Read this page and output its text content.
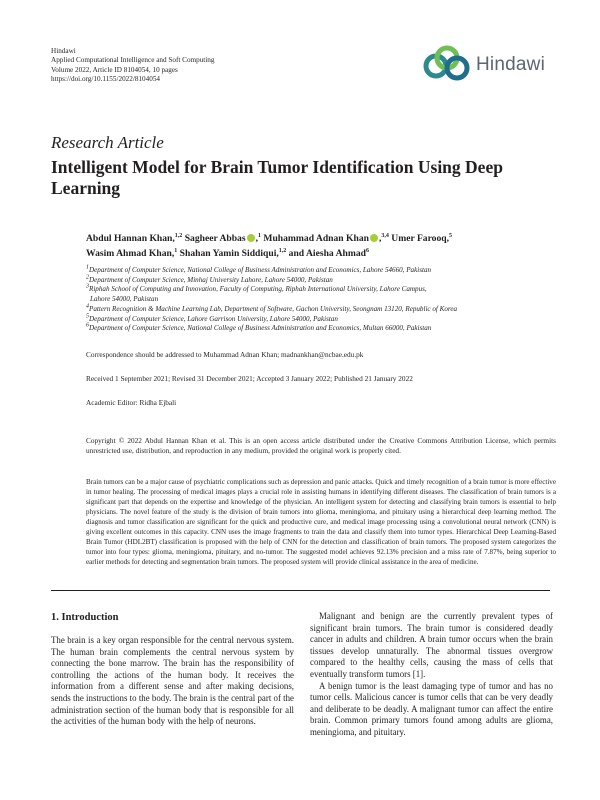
Hindawi
Applied Computational Intelligence and Soft Computing
Volume 2022, Article ID 8104054, 10 pages
https://doi.org/10.1155/2022/8104054
Hindawi
Research Article
Intelligent Model for Brain Tumor Identification Using Deep Learning
Abdul Hannan Khan,$^{1,2}$ Sagheer Abbas ,$^1$ Muhammad Adnan Khan ,$^{3,4}$ Umer Farooq,$^5$
Wasim Ahmad Khan,$^1$ Shahan Yamin Siddiqui,$^{1,2}$ and Aiesha Ahmad$^6$
$^1$Department of Computer Science, National College of Business Administration and Economics, Lahore 54660, Pakistan
$^2$Department of Computer Science, Minhaj University Lahore, Lahore 54000, Pakistan
$^3$Riphah School of Computing and Innovation, Faculty of Computing, Riphah International University, Lahore Campus,
Lahore 54000, Pakistan
$^4$Pattern Recognition & Machine Learning Lab, Department of Software, Gachon University, Seongnam 13120, Republic of Korea
$^5$Department of Computer Science, Lahore Garrison University, Lahore 54000, Pakistan
$^6$Department of Computer Science, National College of Business Administration and Economics, Multan 66000, Pakistan
Correspondence should be addressed to Muhammad Adnan Khan; madnankhan@ncbae.edu.pk
Received 1 September 2021; Revised 31 December 2021; Accepted 3 January 2022; Published 21 January 2022
Academic Editor: Ridha Ejbali
Copyright © 2022 Abdul Hannan Khan et al. This is an open access article distributed under the Creative Commons Attribution License, which permits unrestricted use, distribution, and reproduction in any medium, provided the original work is properly cited.
Brain tumors can be a major cause of psychiatric complications such as depression and panic attacks. Quick and timely recognition of a brain tumor is more effective in tumor healing. The processing of medical images plays a crucial role in assisting humans in identifying different diseases. The classification of brain tumors is a significant part that depends on the expertise and knowledge of the physician. An intelligent system for detecting and classifying brain tumors is essential to help physicians. The novel feature of the study is the division of brain tumors into glioma, meningioma, and pituitary using a hierarchical deep learning method. The diagnosis and tumor classification are significant for the quick and productive cure, and medical image processing using a convolutional neural network (CNN) is giving excellent outcomes in this capacity. CNN uses the image fragments to train the data and classify them into tumor types. Hierarchical Deep Learning-Based Brain Tumor (HDL2BT) classification is proposed with the help of CNN for the detection and classification of brain tumors. The proposed system categorizes the tumor into four types: glioma, meningioma, pituitary, and no-tumor. The suggested model achieves 92.13% precision and a miss rate of 7.87%, being superior to earlier methods for detecting and segmentation brain tumors. The proposed system will provide clinical assistance in the area of medicine.
1. Introduction

The brain is a key organ responsible for the central nervous system. The human brain complements the central nervous system by connecting the bone marrow. The brain has the responsibility of controlling the actions of the human body. It receives the information from a different sense and after making decisions, sends the instructions to the body. The brain is the central part of the administration section of the human body that is responsible for all the activities of the human body with the help of neurons.

Malignant and benign are the currently prevalent types of significant brain tumors. The brain tumor is considered deadly cancer in adults and children. A brain tumor occurs when the brain tissues develop unnaturally. The abnormal tissues overgrow compared to the healthy cells, causing the mass of cells that eventually transform tumors [1].

A benign tumor is the least damaging type of tumor and has no tumor cells. Malicious cancer is tumor cells that can be very deadly and deliberate to be deadly. A malignant tumor can affect the entire brain. Common primary tumors found among adults are glioma, meningioma, and pituitary.
